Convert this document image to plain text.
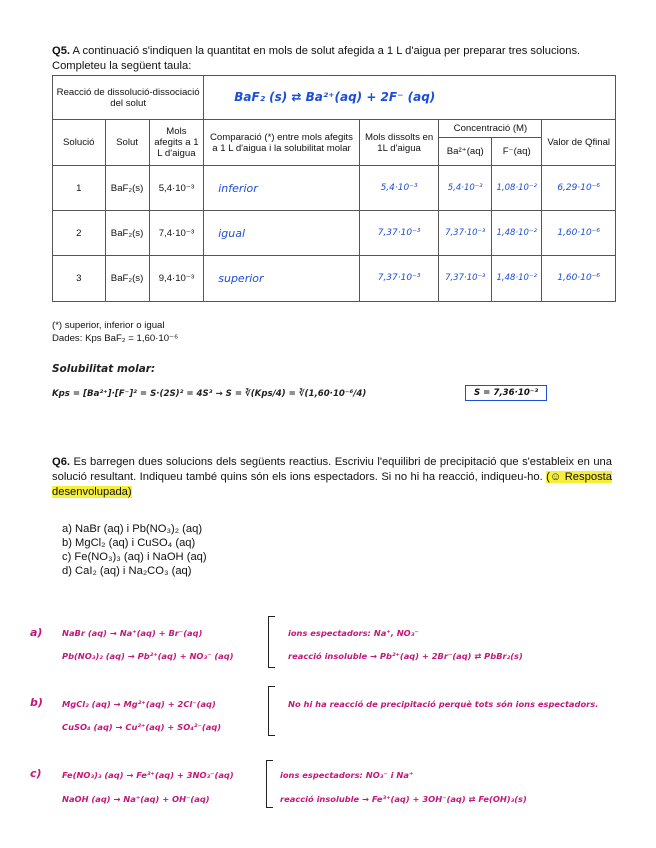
Q5. A continuació s'indiquen la quantitat en mols de solut afegida a 1 L d'aigua per preparar tres solucions. Completeu la següent taula:
Reacció de dissolució-dissociació del solut			BaF₂ (s) ⇄ Ba²⁺(aq) + 2F⁻ (aq)				
Solució	Solut	Mols afegits a 1 L d'aigua	Comparació (*) entre mols afegits a 1 L d'aigua i la solubilitat molar	Mols dissolts en 1L d'aigua	Concentració (M)		Valor de Qfinal
					Ba²⁺(aq)	F⁻(aq)	
1	BaF₂(s)	5,4·10⁻³	inferior	5,4·10⁻³	5,4·10⁻³	1,08·10⁻²	6,29·10⁻⁶
2	BaF₂(s)	7,4·10⁻³	igual	7,37·10⁻³	7,37·10⁻³	1,48·10⁻²	1,60·10⁻⁶
3	BaF₂(s)	9,4·10⁻³	superior	7,37·10⁻³	7,37·10⁻³	1,48·10⁻²	1,60·10⁻⁶
(*) superior, inferior o igual
Dades: Kps BaF₂ = 1,60·10⁻⁶
Solubilitat molar:
Kps = [Ba²⁺]·[F⁻]² = S·(2S)² = 4S³ → S = ∛(Kps/4) = ∛(1,60·10⁻⁶/4)	S = 7,36·10⁻³
Q6. Es barregen dues solucions dels següents reactius. Escriviu l'equilibri de precipitació que s'estableix en una solució resultant. Indiqueu també quins són els ions espectadors. Si no hi ha reacció, indiqueu-ho. (☺ Resposta desenvolupada)
a) NaBr (aq) i Pb(NO₃)₂ (aq)
b) MgCl₂ (aq) i CuSO₄ (aq)
c) Fe(NO₃)₃ (aq) i NaOH (aq)
d) CaI₂ (aq) i Na₂CO₃ (aq)
a) NaBr (aq) → Na⁺(aq) + Br⁻(aq)
Pb(NO₃)₂ (aq) → Pb²⁺(aq) + NO₃⁻ (aq)
ions espectadors: Na⁺, NO₃⁻
reacció insoluble → Pb²⁺(aq) + 2Br⁻(aq) ⇄ PbBr₂(s)
b) MgCl₂ (aq) → Mg²⁺(aq) + 2Cl⁻(aq)
CuSO₄ (aq) → Cu²⁺(aq) + SO₄²⁻(aq)
No hi ha reacció de precipitació perquè tots són ions espectadors.
c) Fe(NO₃)₃ (aq) → Fe³⁺(aq) + 3NO₃⁻(aq)
NaOH (aq) → Na⁺(aq) + OH⁻(aq)
ions espectadors: NO₃⁻ i Na⁺
reacció insoluble → Fe³⁺(aq) + 3OH⁻(aq) ⇄ Fe(OH)₃(s)
